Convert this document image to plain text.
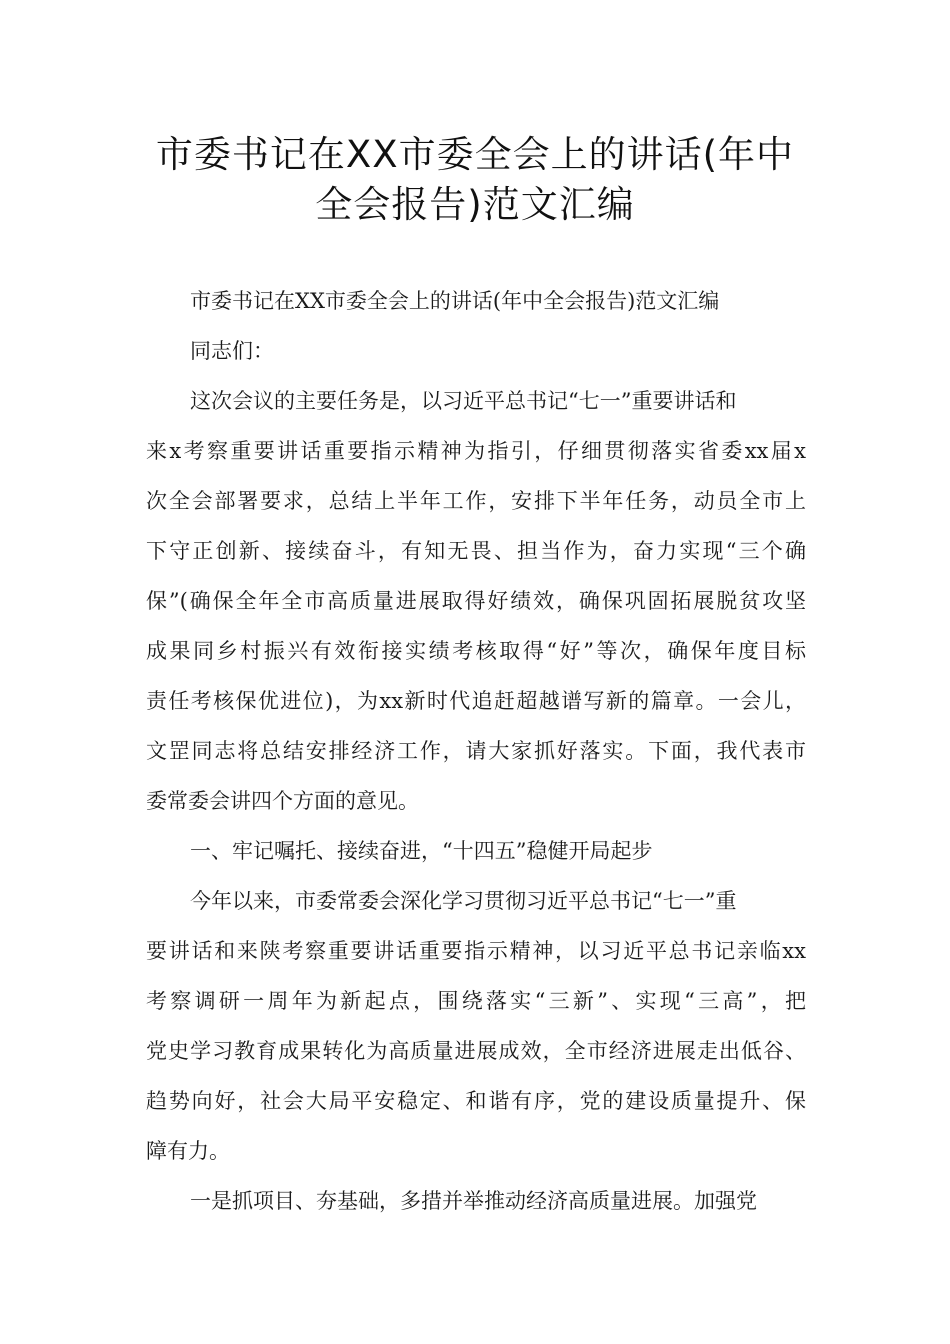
市委书记在XX市委全会上的讲话(年中
全会报告)范文汇编
市委书记在XX市委全会上的讲话(年中全会报告)范文汇编
同志们：
这次会议的主要任务是，以习近平总书记“七一”重要讲话和
来x考察重要讲话重要指示精神为指引，仔细贯彻落实省委xx届x
次全会部署要求，总结上半年工作，安排下半年任务，动员全市上
下守正创新、接续奋斗，有知无畏、担当作为，奋力实现“三个确
保”(确保全年全市高质量进展取得好绩效，确保巩固拓展脱贫攻坚
成果同乡村振兴有效衔接实绩考核取得“好”等次，确保年度目标
责任考核保优进位)，为xx新时代追赶超越谱写新的篇章。一会儿，
文罡同志将总结安排经济工作，请大家抓好落实。下面，我代表市
委常委会讲四个方面的意见。
一、牢记嘱托、接续奋进，“十四五”稳健开局起步
今年以来，市委常委会深化学习贯彻习近平总书记“七一”重
要讲话和来陕考察重要讲话重要指示精神，以习近平总书记亲临xx
考察调研一周年为新起点，围绕落实“三新”、实现“三高”，把
党史学习教育成果转化为高质量进展成效，全市经济进展走出低谷、
趋势向好，社会大局平安稳定、和谐有序，党的建设质量提升、保
障有力。
一是抓项目、夯基础，多措并举推动经济高质量进展。加强党
